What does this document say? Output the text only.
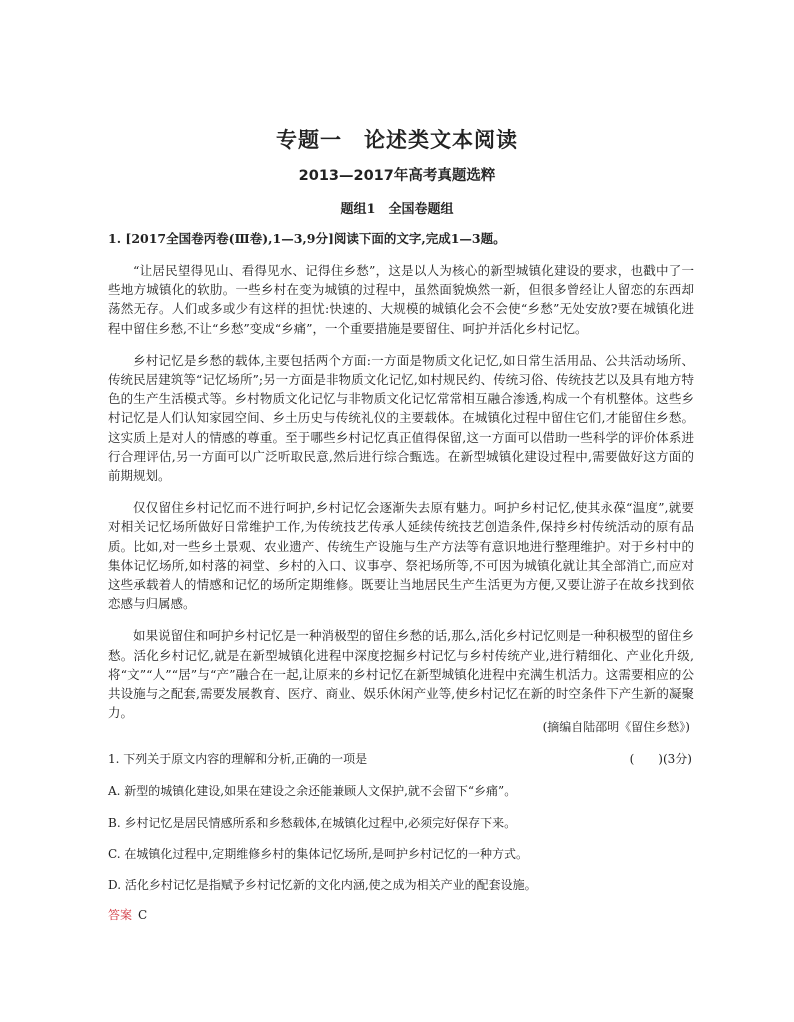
专题一　论述类文本阅读
2013—2017年高考真题选粹
题组1　全国卷题组
1. [2017全国卷丙卷(Ⅲ卷),1—3,9分]阅读下面的文字,完成1—3题。

“让居民望得见山、看得见水、记得住乡愁”，这是以人为核心的新型城镇化建设的要求，也戳中了一些地方城镇化的软肋。一些乡村在变为城镇的过程中，虽然面貌焕然一新，但很多曾经让人留恋的东西却荡然无存。人们或多或少有这样的担忧:快速的、大规模的城镇化会不会使“乡愁”无处安放?要在城镇化进程中留住乡愁,不让“乡愁”变成“乡痛”，一个重要措施是要留住、呵护并活化乡村记忆。

乡村记忆是乡愁的载体,主要包括两个方面:一方面是物质文化记忆,如日常生活用品、公共活动场所、传统民居建筑等“记忆场所”;另一方面是非物质文化记忆,如村规民约、传统习俗、传统技艺以及具有地方特色的生产生活模式等。乡村物质文化记忆与非物质文化记忆常常相互融合渗透,构成一个有机整体。这些乡村记忆是人们认知家园空间、乡土历史与传统礼仪的主要载体。在城镇化过程中留住它们,才能留住乡愁。这实质上是对人的情感的尊重。至于哪些乡村记忆真正值得保留,这一方面可以借助一些科学的评价体系进行合理评估,另一方面可以广泛听取民意,然后进行综合甄选。在新型城镇化建设过程中,需要做好这方面的前期规划。

仅仅留住乡村记忆而不进行呵护,乡村记忆会逐渐失去原有魅力。呵护乡村记忆,使其永葆“温度”,就要对相关记忆场所做好日常维护工作,为传统技艺传承人延续传统技艺创造条件,保持乡村传统活动的原有品质。比如,对一些乡土景观、农业遗产、传统生产设施与生产方法等有意识地进行整理维护。对于乡村中的集体记忆场所,如村落的祠堂、乡村的入口、议事亭、祭祀场所等,不可因为城镇化就让其全部消亡,而应对这些承载着人的情感和记忆的场所定期维修。既要让当地居民生产生活更为方便,又要让游子在故乡找到依恋感与归属感。

如果说留住和呵护乡村记忆是一种消极型的留住乡愁的话,那么,活化乡村记忆则是一种积极型的留住乡愁。活化乡村记忆,就是在新型城镇化进程中深度挖掘乡村记忆与乡村传统产业,进行精细化、产业化升级,将“文”“人”“居”与“产”融合在一起,让原来的乡村记忆在新型城镇化进程中充满生机活力。这需要相应的公共设施与之配套,需要发展教育、医疗、商业、娱乐休闲产业等,使乡村记忆在新的时空条件下产生新的凝聚力。

(摘编自陆邵明《留住乡愁》)
1. 下列关于原文内容的理解和分析,正确的一项是	(　　)(3分)
A. 新型的城镇化建设,如果在建设之余还能兼顾人文保护,就不会留下“乡痛”。
B. 乡村记忆是居民情感所系和乡愁载体,在城镇化过程中,必须完好保存下来。
C. 在城镇化过程中,定期维修乡村的集体记忆场所,是呵护乡村记忆的一种方式。
D. 活化乡村记忆是指赋予乡村记忆新的文化内涵,使之成为相关产业的配套设施。
答案 C
